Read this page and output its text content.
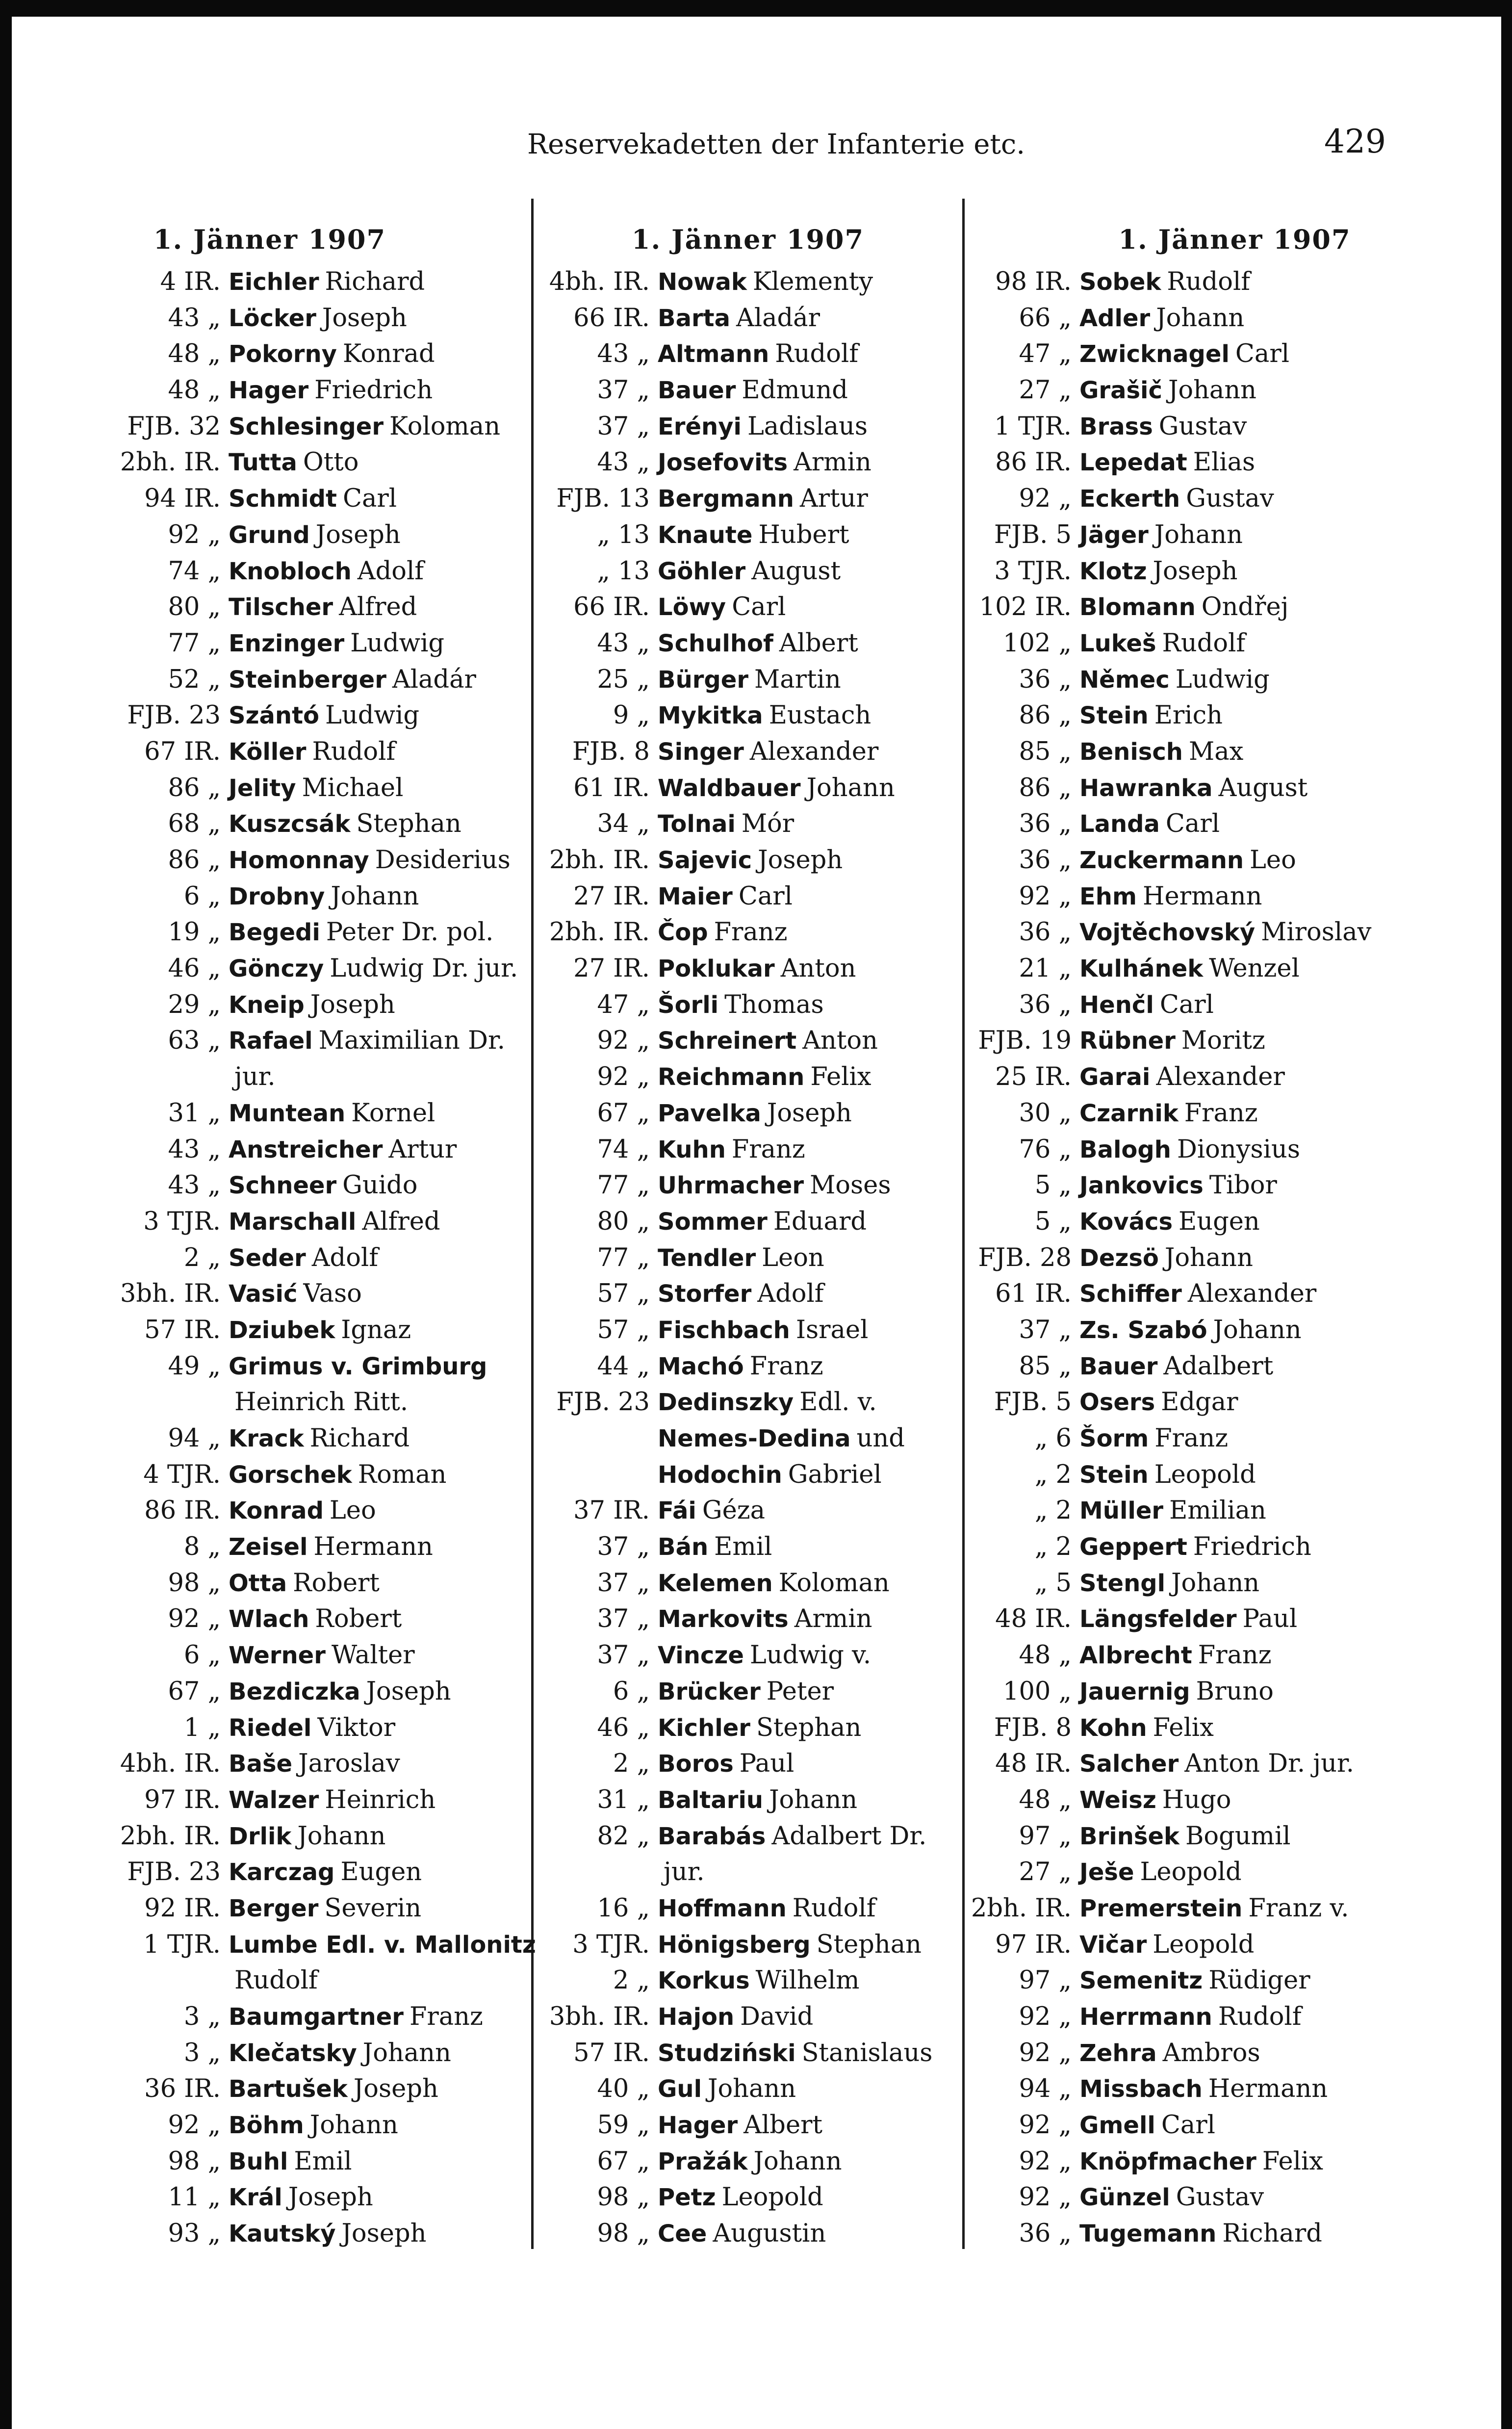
Reservekadetten der Infanterie etc.	429
1. Jänner 1907
4 IR. Eichler Richard
43 „ Löcker Joseph
48 „ Pokorny Konrad
48 „ Hager Friedrich
FJB. 32 Schlesinger Koloman
2bh. IR. Tutta Otto
94 IR. Schmidt Carl
92 „ Grund Joseph
74 „ Knobloch Adolf
80 „ Tilscher Alfred
77 „ Enzinger Ludwig
52 „ Steinberger Aladár
FJB. 23 Szántó Ludwig
67 IR. Köller Rudolf
86 „ Jelity Michael
68 „ Kuszcsák Stephan
86 „ Homonnay Desiderius
6 „ Drobny Johann
19 „ Begedi Peter Dr. pol.
46 „ Gönczy Ludwig Dr. jur.
29 „ Kneip Joseph
63 „ Rafael Maximilian Dr.
jur.
31 „ Muntean Kornel
43 „ Anstreicher Artur
43 „ Schneer Guido
3 TJR. Marschall Alfred
2 „ Seder Adolf
3bh. IR. Vasić Vaso
57 IR. Dziubek Ignaz
49 „ Grimus v. Grimburg
Heinrich Ritt.
94 „ Krack Richard
4 TJR. Gorschek Roman
86 IR. Konrad Leo
8 „ Zeisel Hermann
98 „ Otta Robert
92 „ Wlach Robert
6 „ Werner Walter
67 „ Bezdiczka Joseph
1 „ Riedel Viktor
4bh. IR. Baše Jaroslav
97 IR. Walzer Heinrich
2bh. IR. Drlik Johann
FJB. 23 Karczag Eugen
92 IR. Berger Severin
1 TJR. Lumbe Edl. v. Mallonitz
Rudolf
3 „ Baumgartner Franz
3 „ Klečatsky Johann
36 IR. Bartušek Joseph
92 „ Böhm Johann
98 „ Buhl Emil
11 „ Král Joseph
93 „ Kautský Joseph
1. Jänner 1907
4bh. IR. Nowak Klementy
66 IR. Barta Aladár
43 „ Altmann Rudolf
37 „ Bauer Edmund
37 „ Erényi Ladislaus
43 „ Josefovits Armin
FJB. 13 Bergmann Artur
„ 13 Knaute Hubert
„ 13 Göhler August
66 IR. Löwy Carl
43 „ Schulhof Albert
25 „ Bürger Martin
9 „ Mykitka Eustach
FJB. 8 Singer Alexander
61 IR. Waldbauer Johann
34 „ Tolnai Mór
2bh. IR. Sajevic Joseph
27 IR. Maier Carl
2bh. IR. Čop Franz
27 IR. Poklukar Anton
47 „ Šorli Thomas
92 „ Schreinert Anton
92 „ Reichmann Felix
67 „ Pavelka Joseph
74 „ Kuhn Franz
77 „ Uhrmacher Moses
80 „ Sommer Eduard
77 „ Tendler Leon
57 „ Storfer Adolf
57 „ Fischbach Israel
44 „ Machó Franz
FJB. 23 Dedinszky Edl. v.
Nemes-Dedina und
Hodochin Gabriel
37 IR. Fái Géza
37 „ Bán Emil
37 „ Kelemen Koloman
37 „ Markovits Armin
37 „ Vincze Ludwig v.
6 „ Brücker Peter
46 „ Kichler Stephan
2 „ Boros Paul
31 „ Baltariu Johann
82 „ Barabás Adalbert Dr.
jur.
16 „ Hoffmann Rudolf
3 TJR. Hönigsberg Stephan
2 „ Korkus Wilhelm
3bh. IR. Hajon David
57 IR. Studziński Stanislaus
40 „ Gul Johann
59 „ Hager Albert
67 „ Pražák Johann
98 „ Petz Leopold
98 „ Cee Augustin
1. Jänner 1907
98 IR. Sobek Rudolf
66 „ Adler Johann
47 „ Zwicknagel Carl
27 „ Grašič Johann
1 TJR. Brass Gustav
86 IR. Lepedat Elias
92 „ Eckerth Gustav
FJB. 5 Jäger Johann
3 TJR. Klotz Joseph
102 IR. Blomann Ondřej
102 „ Lukeš Rudolf
36 „ Němec Ludwig
86 „ Stein Erich
85 „ Benisch Max
86 „ Hawranka August
36 „ Landa Carl
36 „ Zuckermann Leo
92 „ Ehm Hermann
36 „ Vojtěchovský Miroslav
21 „ Kulhánek Wenzel
36 „ Henčl Carl
FJB. 19 Rübner Moritz
25 IR. Garai Alexander
30 „ Czarnik Franz
76 „ Balogh Dionysius
5 „ Jankovics Tibor
5 „ Kovács Eugen
FJB. 28 Dezsö Johann
61 IR. Schiffer Alexander
37 „ Zs. Szabó Johann
85 „ Bauer Adalbert
FJB. 5 Osers Edgar
„ 6 Šorm Franz
„ 2 Stein Leopold
„ 2 Müller Emilian
„ 2 Geppert Friedrich
„ 5 Stengl Johann
48 IR. Längsfelder Paul
48 „ Albrecht Franz
100 „ Jauernig Bruno
FJB. 8 Kohn Felix
48 IR. Salcher Anton Dr. jur.
48 „ Weisz Hugo
97 „ Brinšek Bogumil
27 „ Ješe Leopold
2bh. IR. Premerstein Franz v.
97 IR. Vičar Leopold
97 „ Semenitz Rüdiger
92 „ Herrmann Rudolf
92 „ Zehra Ambros
94 „ Missbach Hermann
92 „ Gmell Carl
92 „ Knöpfmacher Felix
92 „ Günzel Gustav
36 „ Tugemann Richard
